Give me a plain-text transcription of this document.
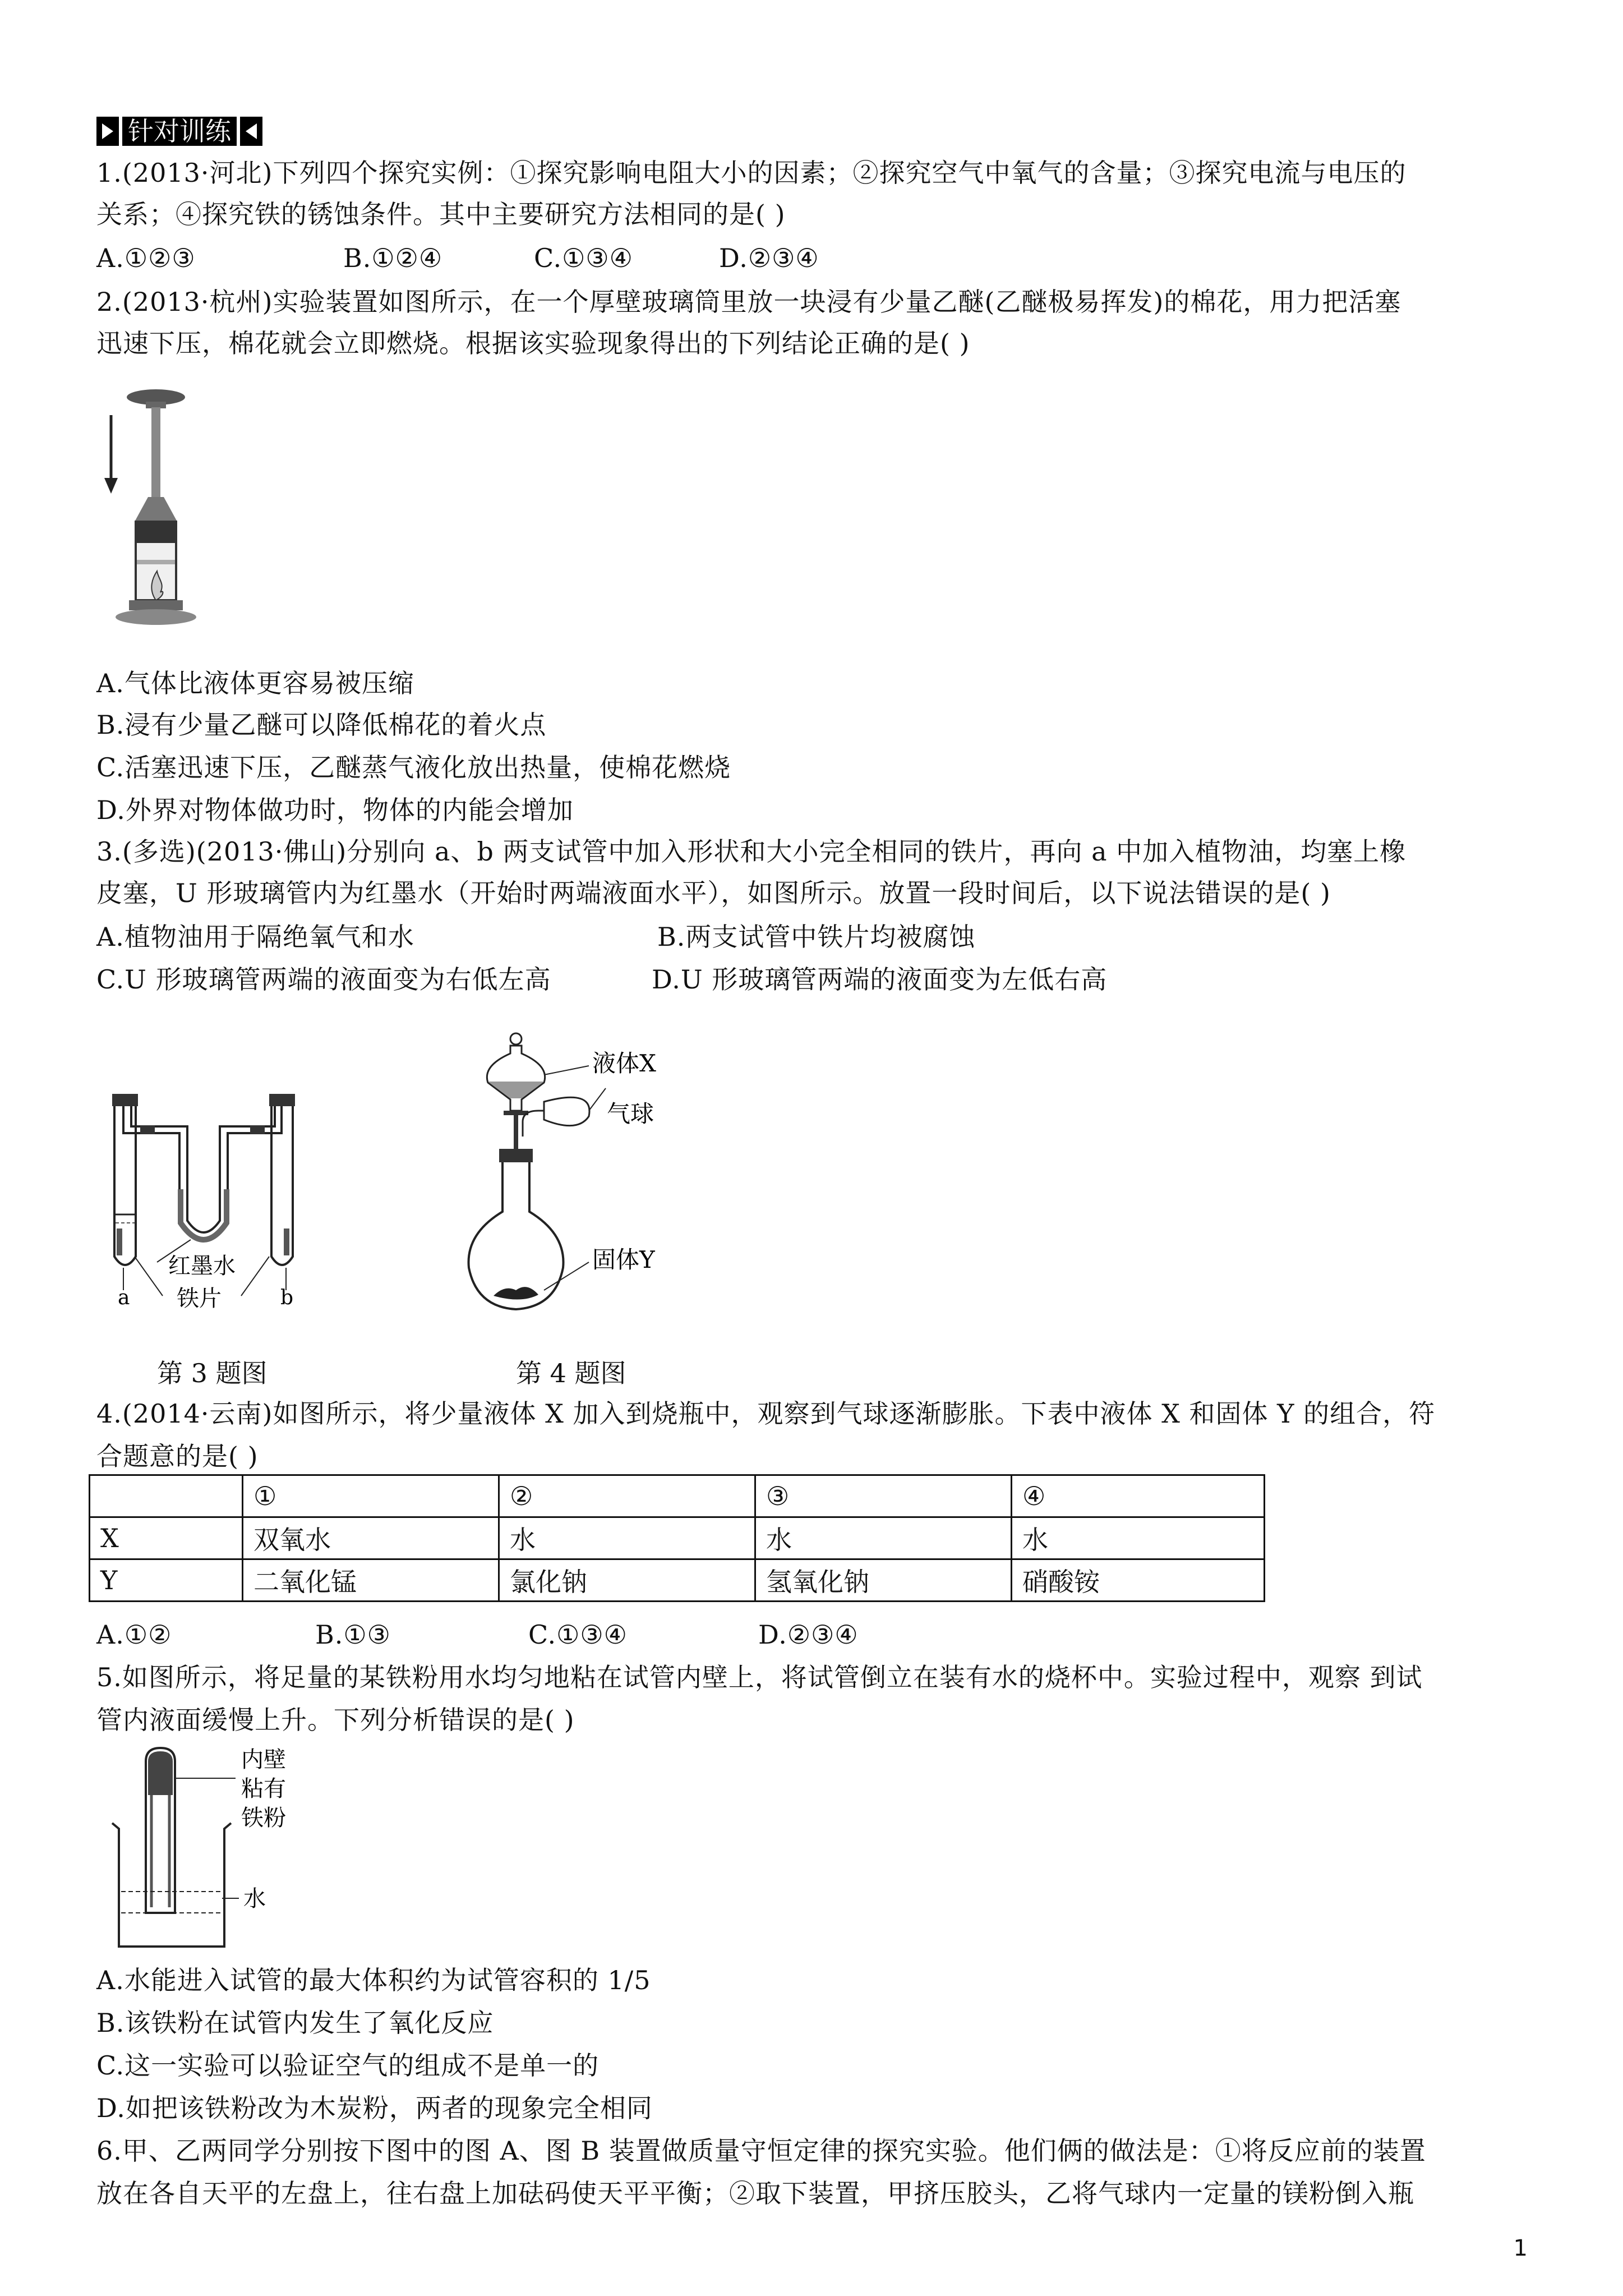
针对训练
1.(2013·河北)下列四个探究实例：①探究影响电阻大小的因素；②探究空气中氧气的含量；③探究电流与电压的
关系；④探究铁的锈蚀条件。其中主要研究方法相同的是( )
A.①②③	B.①②④	C.①③④	D.②③④
2.(2013·杭州)实验装置如图所示，在一个厚壁玻璃筒里放一块浸有少量乙醚(乙醚极易挥发)的棉花，用力把活塞
迅速下压，棉花就会立即燃烧。根据该实验现象得出的下列结论正确的是( )
A.气体比液体更容易被压缩
B.浸有少量乙醚可以降低棉花的着火点
C.活塞迅速下压，乙醚蒸气液化放出热量，使棉花燃烧
D.外界对物体做功时，物体的内能会增加
3.(多选)(2013·佛山)分别向 a、b 两支试管中加入形状和大小完全相同的铁片，再向 a 中加入植物油，均塞上橡
皮塞，U 形玻璃管内为红墨水（开始时两端液面水平），如图所示。放置一段时间后，以下说法错误的是( )
A.植物油用于隔绝氧气和水	B.两支试管中铁片均被腐蚀
C.U 形玻璃管两端的液面变为右低左高	D.U 形玻璃管两端的液面变为左低右高
红墨水
铁片
a	b
液体X
气球
固体Y
第 3 题图	第 4 题图
4.(2014·云南)如图所示，将少量液体 X 加入到烧瓶中，观察到气球逐渐膨胀。下表中液体 X 和固体 Y 的组合，符
合题意的是( )
	①	②	③	④
X	双氧水	水	水	水
Y	二氧化锰	氯化钠	氢氧化钠	硝酸铵
A.①②	B.①③	C.①③④	D.②③④
5.如图所示，将足量的某铁粉用水均匀地粘在试管内壁上，将试管倒立在装有水的烧杯中。实验过程中，观察 到试
管内液面缓慢上升。下列分析错误的是( )
内壁
粘有
铁粉
水
A.水能进入试管的最大体积约为试管容积的 1/5
B.该铁粉在试管内发生了氧化反应
C.这一实验可以验证空气的组成不是单一的
D.如把该铁粉改为木炭粉，两者的现象完全相同
6.甲、乙两同学分别按下图中的图 A、图 B 装置做质量守恒定律的探究实验。他们俩的做法是：①将反应前的装置
放在各自天平的左盘上，往右盘上加砝码使天平平衡；②取下装置，甲挤压胶头，乙将气球内一定量的镁粉倒入瓶
1
